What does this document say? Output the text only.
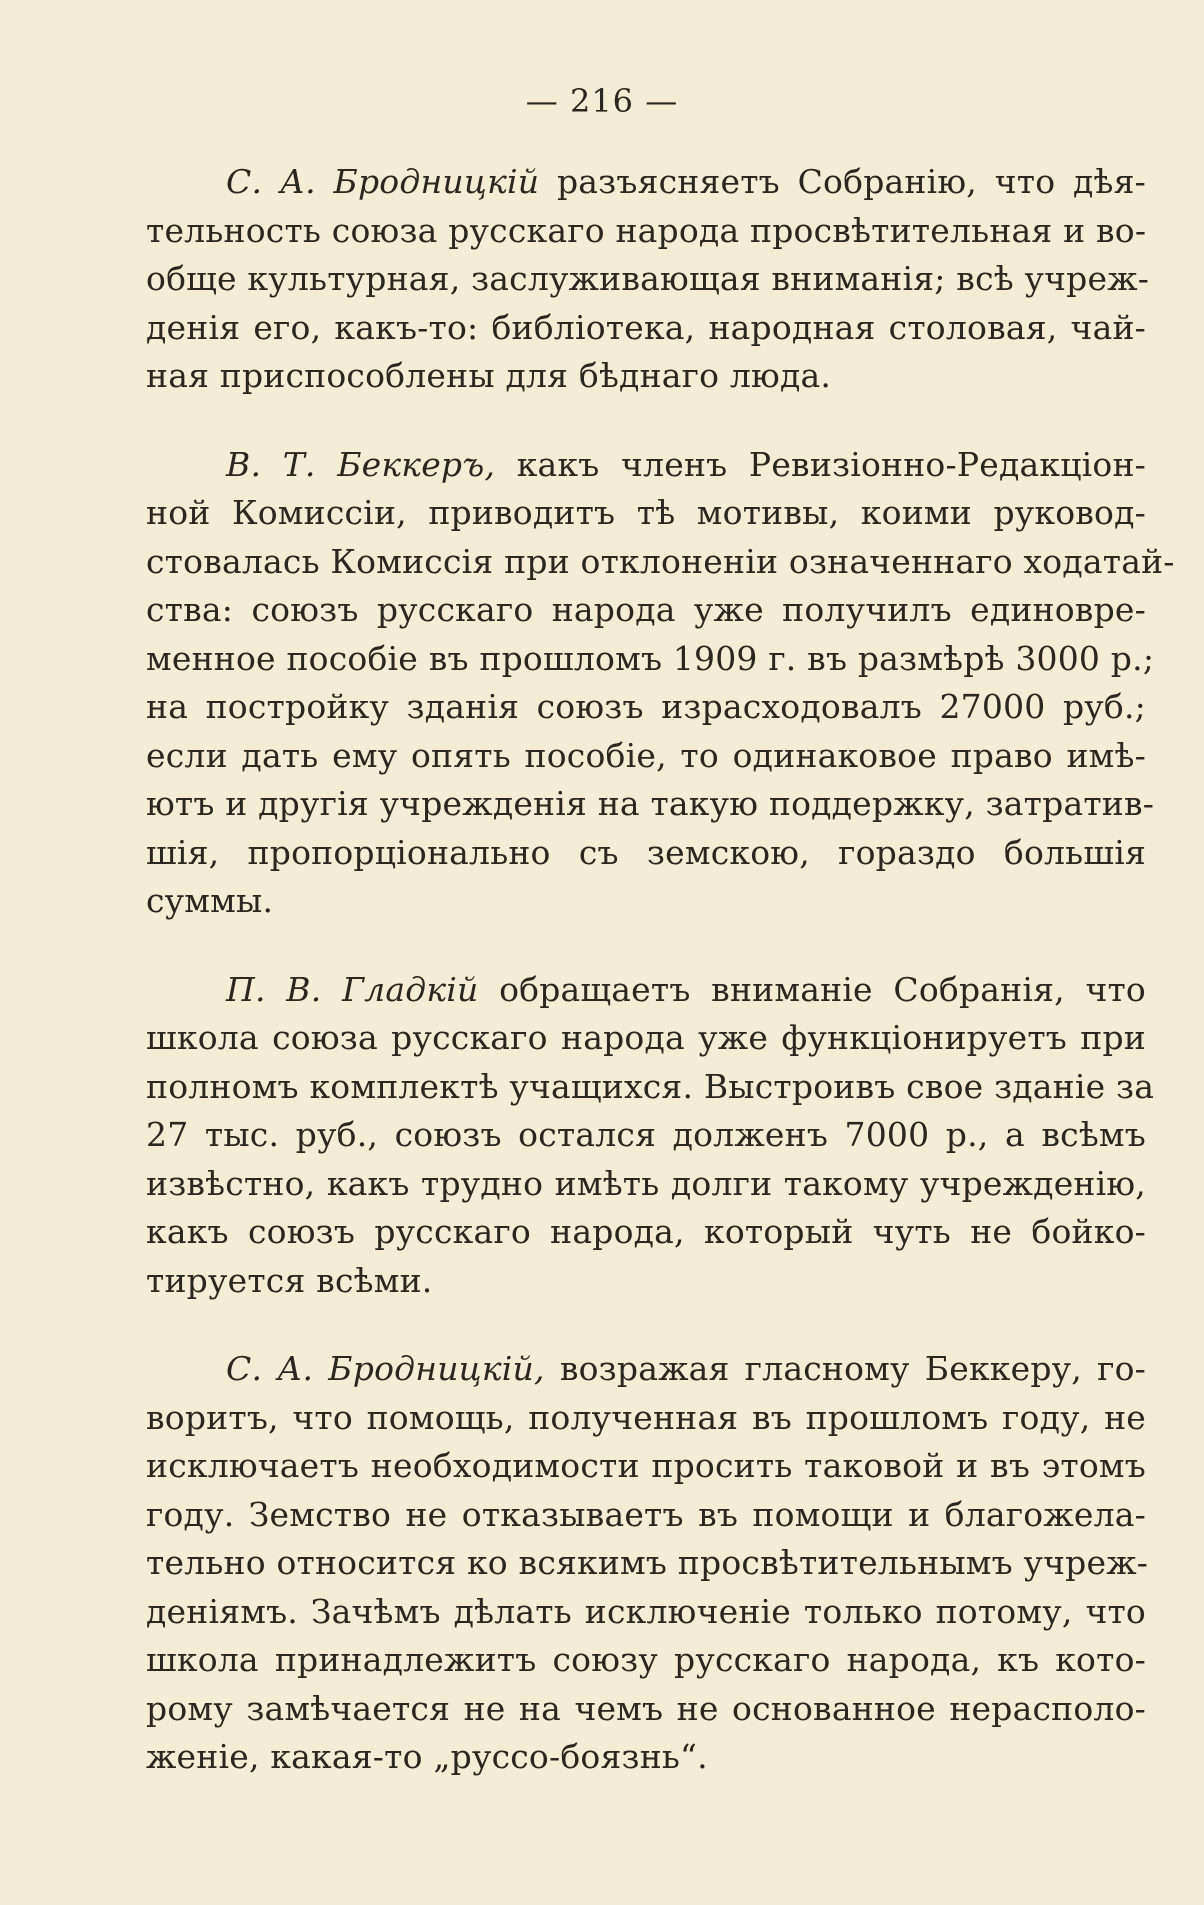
— 216 —

С. А. Бродницкій разъясняетъ Собранію, что дѣя-
тельность союза русскаго народа просвѣтительная и во-
обще культурная, заслуживающая вниманія; всѣ учреж-
денія его, какъ-то: библіотека, народная столовая, чай-
ная приспособлены для бѣднаго люда.

В. Т. Беккеръ, какъ членъ Ревизіонно-Редакціон-
ной Комиссіи, приводитъ тѣ мотивы, коими руковод-
стовалась Комиссія при отклоненіи означеннаго ходатай-
ства: союзъ русскаго народа уже получилъ единовре-
менное пособіе въ прошломъ 1909 г. въ размѣрѣ 3000 р.;
на постройку зданія союзъ израсходовалъ 27000 руб.;
если дать ему опять пособіе, то одинаковое право имѣ-
ютъ и другія учрежденія на такую поддержку, затратив-
шія, пропорціонально съ земскою, гораздо большія
суммы.

П. В. Гладкій обращаетъ вниманіе Собранія, что
школа союза русскаго народа уже функціонируетъ при
полномъ комплектѣ учащихся. Выстроивъ свое зданіе за
27 тыс. руб., союзъ остался долженъ 7000 р., а всѣмъ
извѣстно, какъ трудно имѣть долги такому учрежденію,
какъ союзъ русскаго народа, который чуть не бойко-
тируется всѣми.

С. А. Бродницкій, возражая гласному Беккеру, го-
воритъ, что помощь, полученная въ прошломъ году, не
исключаетъ необходимости просить таковой и въ этомъ
году. Земство не отказываетъ въ помощи и благожела-
тельно относится ко всякимъ просвѣтительнымъ учреж-
деніямъ. Зачѣмъ дѣлать исключеніе только потому, что
школа принадлежитъ союзу русскаго народа, къ кото-
рому замѣчается не на чемъ не основанное нерасполо-
женіе, какая-то „руссо-боязнь“.
